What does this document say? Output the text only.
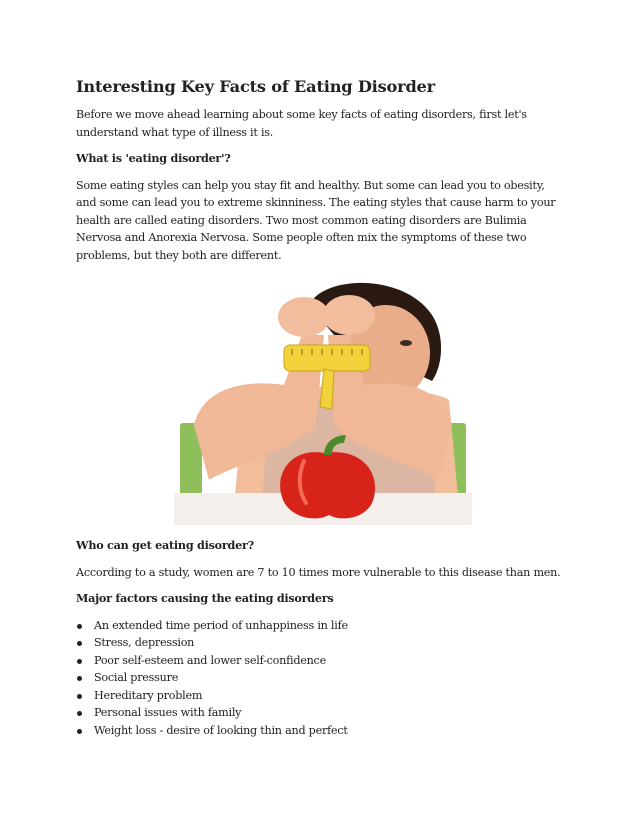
Interesting Key Facts of Eating Disorder

Before we move ahead learning about some key facts of eating disorders, first let's understand what type of illness it is.

What is 'eating disorder'?

Some eating styles can help you stay fit and healthy. But some can lead you to obesity, and some can lead you to extreme skinniness. The eating styles that cause harm to your health are called eating disorders. Two most common eating disorders are Bulimia Nervosa and Anorexia Nervosa. Some people often mix the symptoms of these two problems, but they both are different.

Who can get eating disorder?

According to a study, women are 7 to 10 times more vulnerable to this disease than men.

Major factors causing the eating disorders

An extended time period of unhappiness in life
Stress, depression
Poor self-esteem and lower self-confidence
Social pressure
Hereditary problem
Personal issues with family
Weight loss - desire of looking thin and perfect
